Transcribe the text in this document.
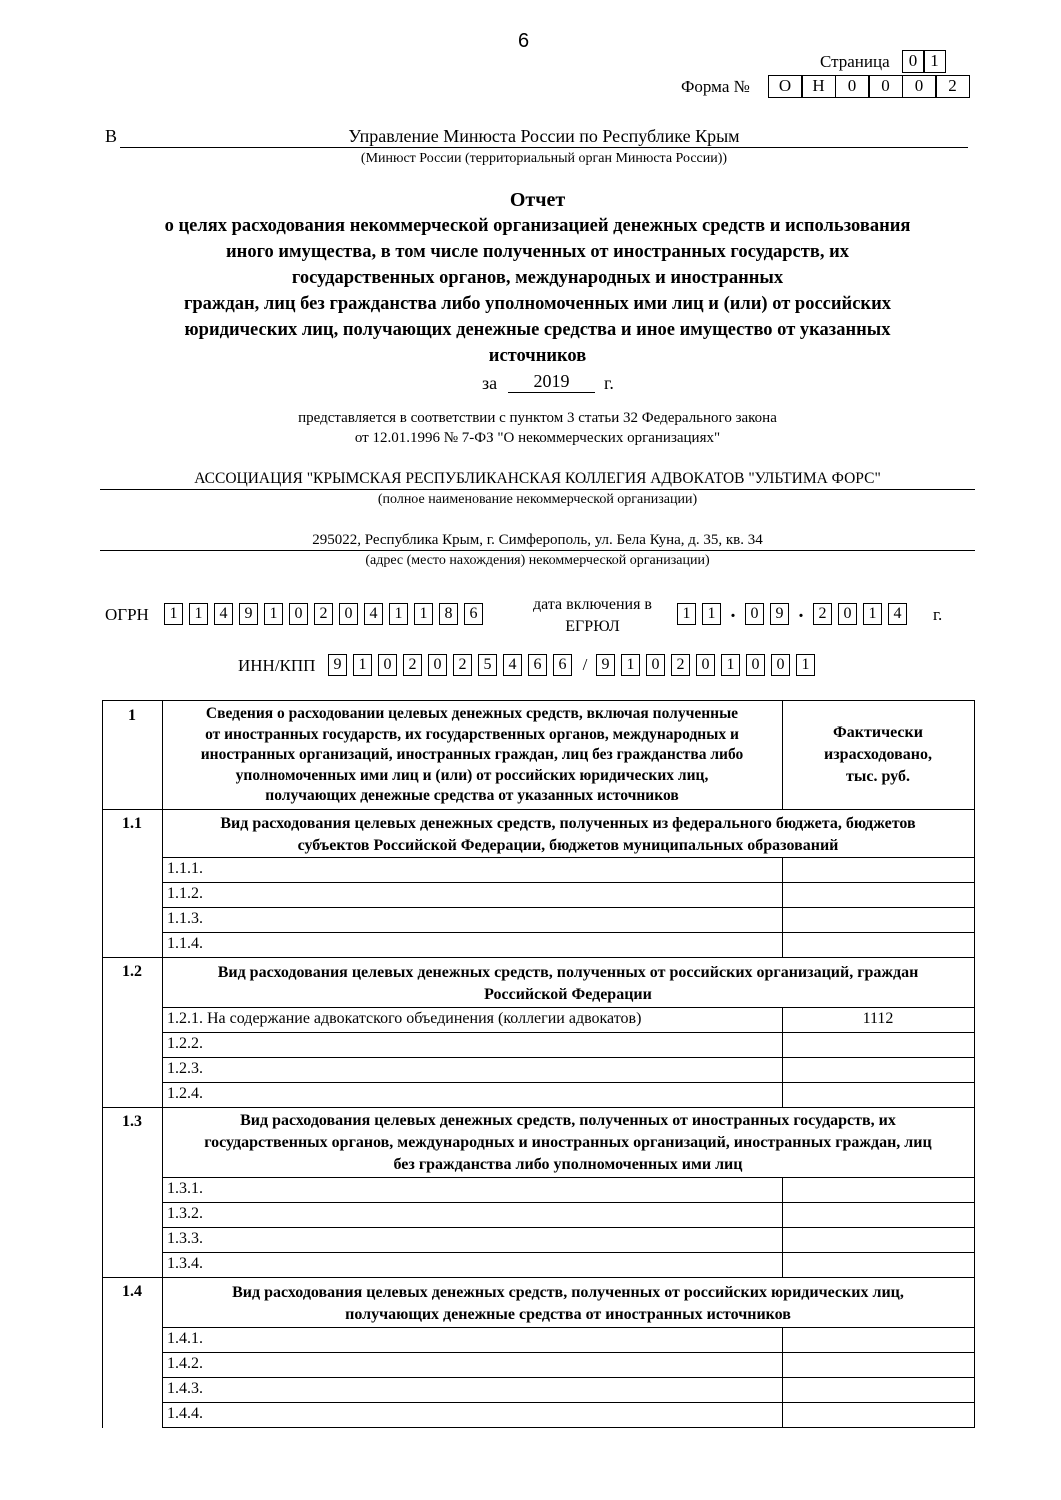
6
Страница	0 1
Форма №	О	Н	0	0	0	2
В	Управление Минюста России по Республике Крым
(Минюст России (территориальный орган Минюста России))
Отчет
о целях расходования некоммерческой организацией денежных средств и использования
иного имущества, в том числе полученных от иностранных государств, их
государственных органов, международных и иностранных
граждан, лиц без гражданства либо уполномоченных ими лиц и (или) от российских
юридических лиц, получающих денежные средства и иное имущество от указанных
источников
за	2019	г.
представляется в соответствии с пунктом 3 статьи 32 Федерального закона
от 12.01.1996 № 7-ФЗ "О некоммерческих организациях"
АССОЦИАЦИЯ "КРЫМСКАЯ РЕСПУБЛИКАНСКАЯ КОЛЛЕГИЯ АДВОКАТОВ "УЛЬТИМА ФОРС"
(полное наименование некоммерческой организации)
295022, Республика Крым, г. Симферополь, ул. Бела Куна, д. 35, кв. 34
(адрес (место нахождения) некоммерческой организации)
ОГРН	1	1	4	9	1	0	2	0	4	1	1	8	6
дата включения в
ЕГРЮЛ
1	1 . 0	9 . 2	0	1	4	г.
ИНН/КПП	9	1	0	2	0	2	5	4	6	6 / 9	1	0	2	0	1	0	0	1
1	Сведения о расходовании целевых денежных средств, включая полученные
от иностранных государств, их государственных органов, международных и
иностранных организаций, иностранных граждан, лиц без гражданства либо
уполномоченных ими лиц и (или) от российских юридических лиц,
получающих денежные средства от указанных источников
Фактически
израсходовано,
тыс. руб.
1.1	Вид расходования целевых денежных средств, полученных из федерального бюджета, бюджетов
субъектов Российской Федерации, бюджетов муниципальных образований
1.1.1.
1.1.2.
1.1.3.
1.1.4.
1.2	Вид расходования целевых денежных средств, полученных от российских организаций, граждан
Российской Федерации
1.2.1. На содержание адвокатского объединения (коллегии адвокатов)	1112
1.2.2.
1.2.3.
1.2.4.
1.3	Вид расходования целевых денежных средств, полученных от иностранных государств, их
государственных органов, международных и иностранных организаций, иностранных граждан, лиц
без гражданства либо уполномоченных ими лиц
1.3.1.
1.3.2.
1.3.3.
1.3.4.
1.4	Вид расходования целевых денежных средств, полученных от российских юридических лиц,
получающих денежные средства от иностранных источников
1.4.1.
1.4.2.
1.4.3.
1.4.4.
